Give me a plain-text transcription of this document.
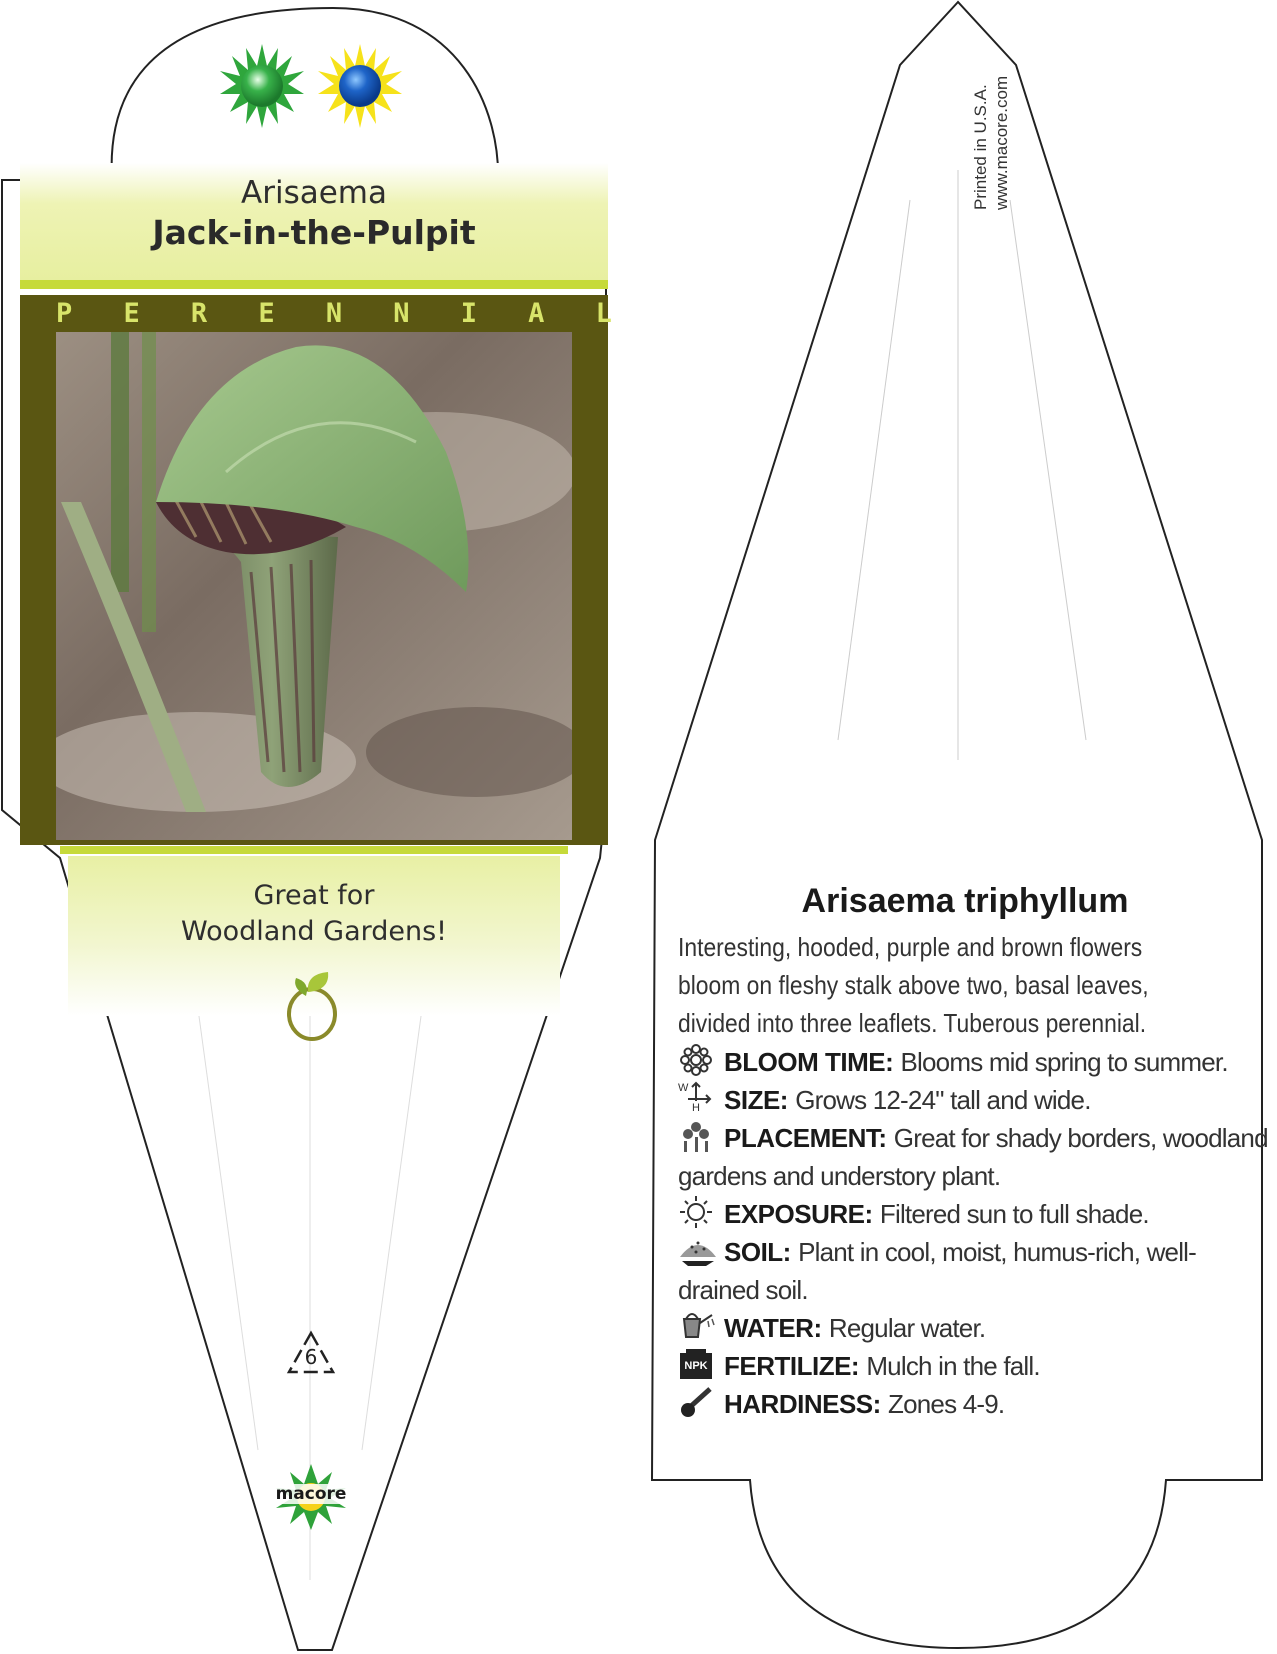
Arisaema
Jack-in-the-Pulpit
P E R E N N I A L
Great for
Woodland Gardens!
6
macore
Printed in U.S.A. www.macore.com
Arisaema triphyllum
Interesting, hooded, purple and brown flowers bloom on fleshy stalk above two, basal leaves, divided into three leaflets. Tuberous perennial.
BLOOM TIME: Blooms mid spring to summer.
W
H SIZE: Grows 12-24" tall and wide.
PLACEMENT: Great for shady borders, woodland gardens and understory plant.
EXPOSURE: Filtered sun to full shade.
SOIL: Plant in cool, moist, humus-rich, well-drained soil.
WATER: Regular water.
NPK FERTILIZE: Mulch in the fall.
HARDINESS: Zones 4-9.
